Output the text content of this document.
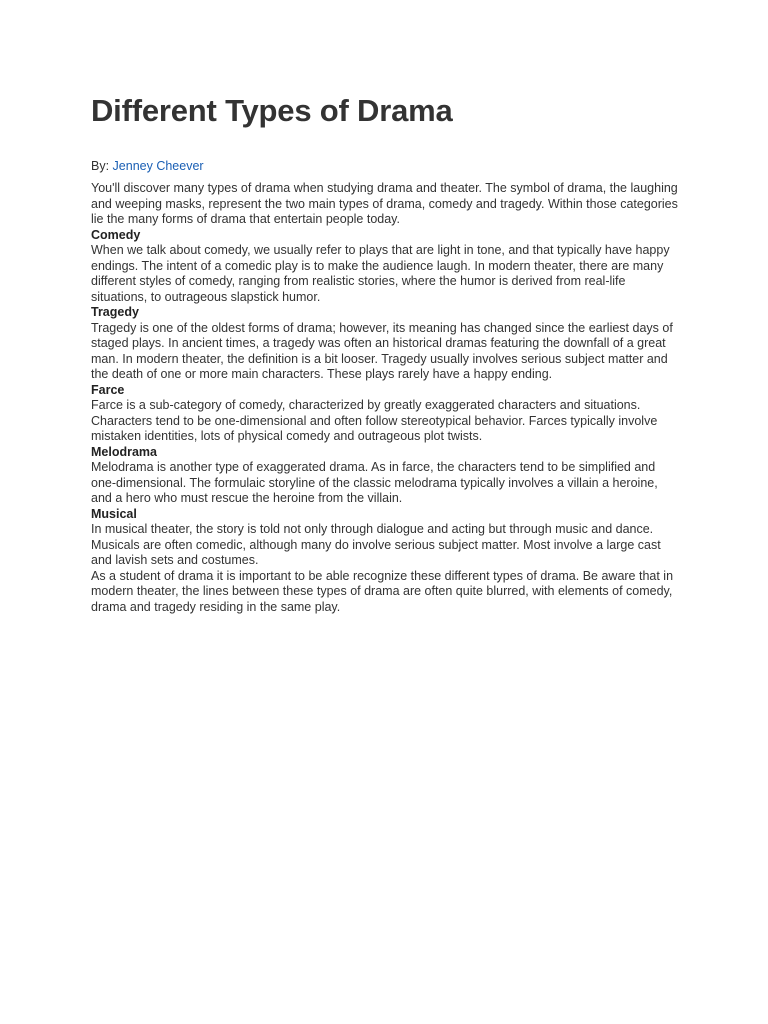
Different Types of Drama
By: Jenney Cheever

You'll discover many types of drama when studying drama and theater. The symbol of drama, the laughing and weeping masks, represent the two main types of drama, comedy and tragedy. Within those categories lie the many forms of drama that entertain people today.

Comedy

When we talk about comedy, we usually refer to plays that are light in tone, and that typically have happy endings. The intent of a comedic play is to make the audience laugh. In modern theater, there are many different styles of comedy, ranging from realistic stories, where the humor is derived from real-life situations, to outrageous slapstick humor.

Tragedy

Tragedy is one of the oldest forms of drama; however, its meaning has changed since the earliest days of staged plays. In ancient times, a tragedy was often an historical dramas featuring the downfall of a great man. In modern theater, the definition is a bit looser. Tragedy usually involves serious subject matter and the death of one or more main characters. These plays rarely have a happy ending.

Farce

Farce is a sub-category of comedy, characterized by greatly exaggerated characters and situations. Characters tend to be one-dimensional and often follow stereotypical behavior. Farces typically involve mistaken identities, lots of physical comedy and outrageous plot twists.

Melodrama

Melodrama is another type of exaggerated drama. As in farce, the characters tend to be simplified and one-dimensional. The formulaic storyline of the classic melodrama typically involves a villain a heroine, and a hero who must rescue the heroine from the villain.

Musical

In musical theater, the story is told not only through dialogue and acting but through music and dance. Musicals are often comedic, although many do involve serious subject matter. Most involve a large cast and lavish sets and costumes.

As a student of drama it is important to be able recognize these different types of drama. Be aware that in modern theater, the lines between these types of drama are often quite blurred, with elements of comedy, drama and tragedy residing in the same play.
